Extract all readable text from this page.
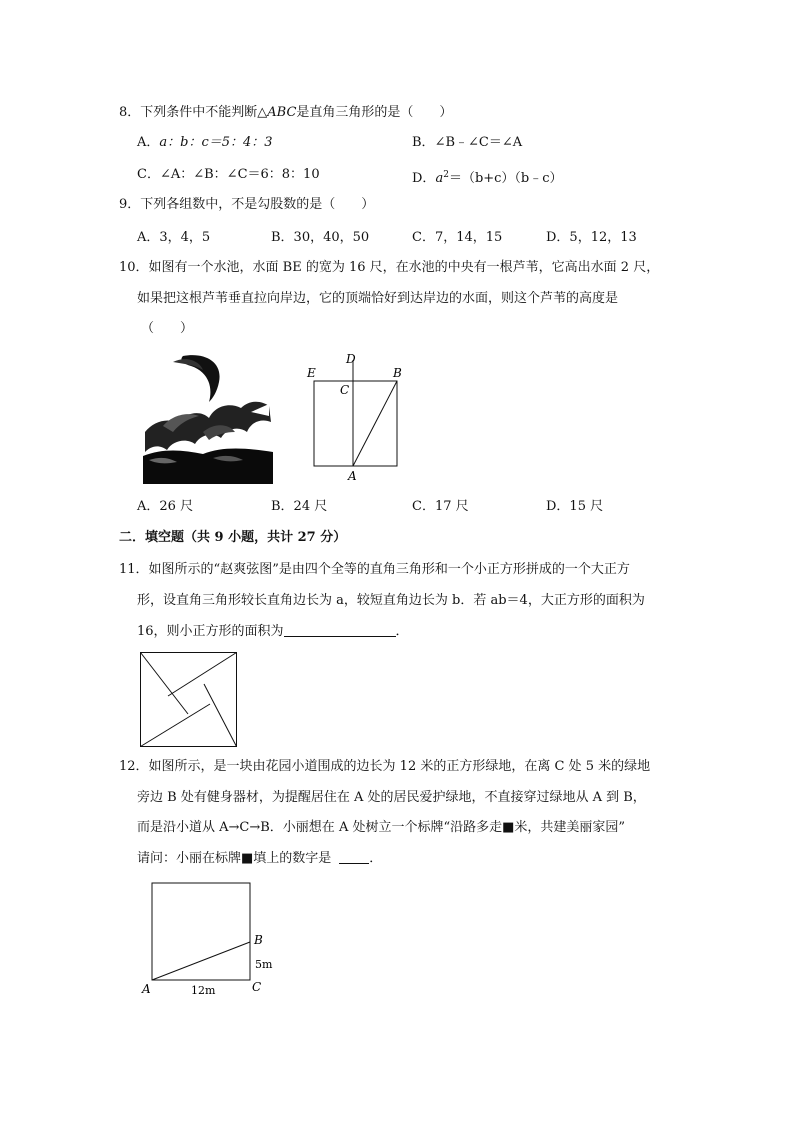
8．下列条件中不能判断△ABC是直角三角形的是（　　）
A．a：b：c＝5：4：3	B．∠B﹣∠C＝∠A
C．∠A：∠B：∠C＝6：8：10	D．$a^2=(b+c)(b﹣c)$
9．下列各组数中，不是勾股数的是（　　）
A．3，4，5	B．30，40，50	C．7，14，15	D．5，12，13
10．如图有一个水池，水面 BE 的宽为 16 尺，在水池的中央有一根芦苇，它高出水面 2 尺，
如果把这根芦苇垂直拉向岸边，它的顶端恰好到达岸边的水面，则这个芦苇的高度是
（　　）
D
E	B
C
A
A．26 尺	B．24 尺	C．17 尺	D．15 尺
二．填空题（共 9 小题，共计 27 分）
11．如图所示的“赵爽弦图”是由四个全等的直角三角形和一个小正方形拼成的一个大正方
形，设直角三角形较长直角边长为 a，较短直角边长为 b．若 ab＝4，大正方形的面积为
16，则小正方形的面积为	．
12．如图所示，是一块由花园小道围成的边长为 12 米的正方形绿地，在离 C 处 5 米的绿地
旁边 B 处有健身器材，为提醒居住在 A 处的居民爱护绿地，不直接穿过绿地从 A 到 B，
而是沿小道从 A→C→B．小丽想在 A 处树立一个标牌“沿路多走■米，共建美丽家园”
请问：小丽在标牌■填上的数字是	．
B
5m
A	12m	C
